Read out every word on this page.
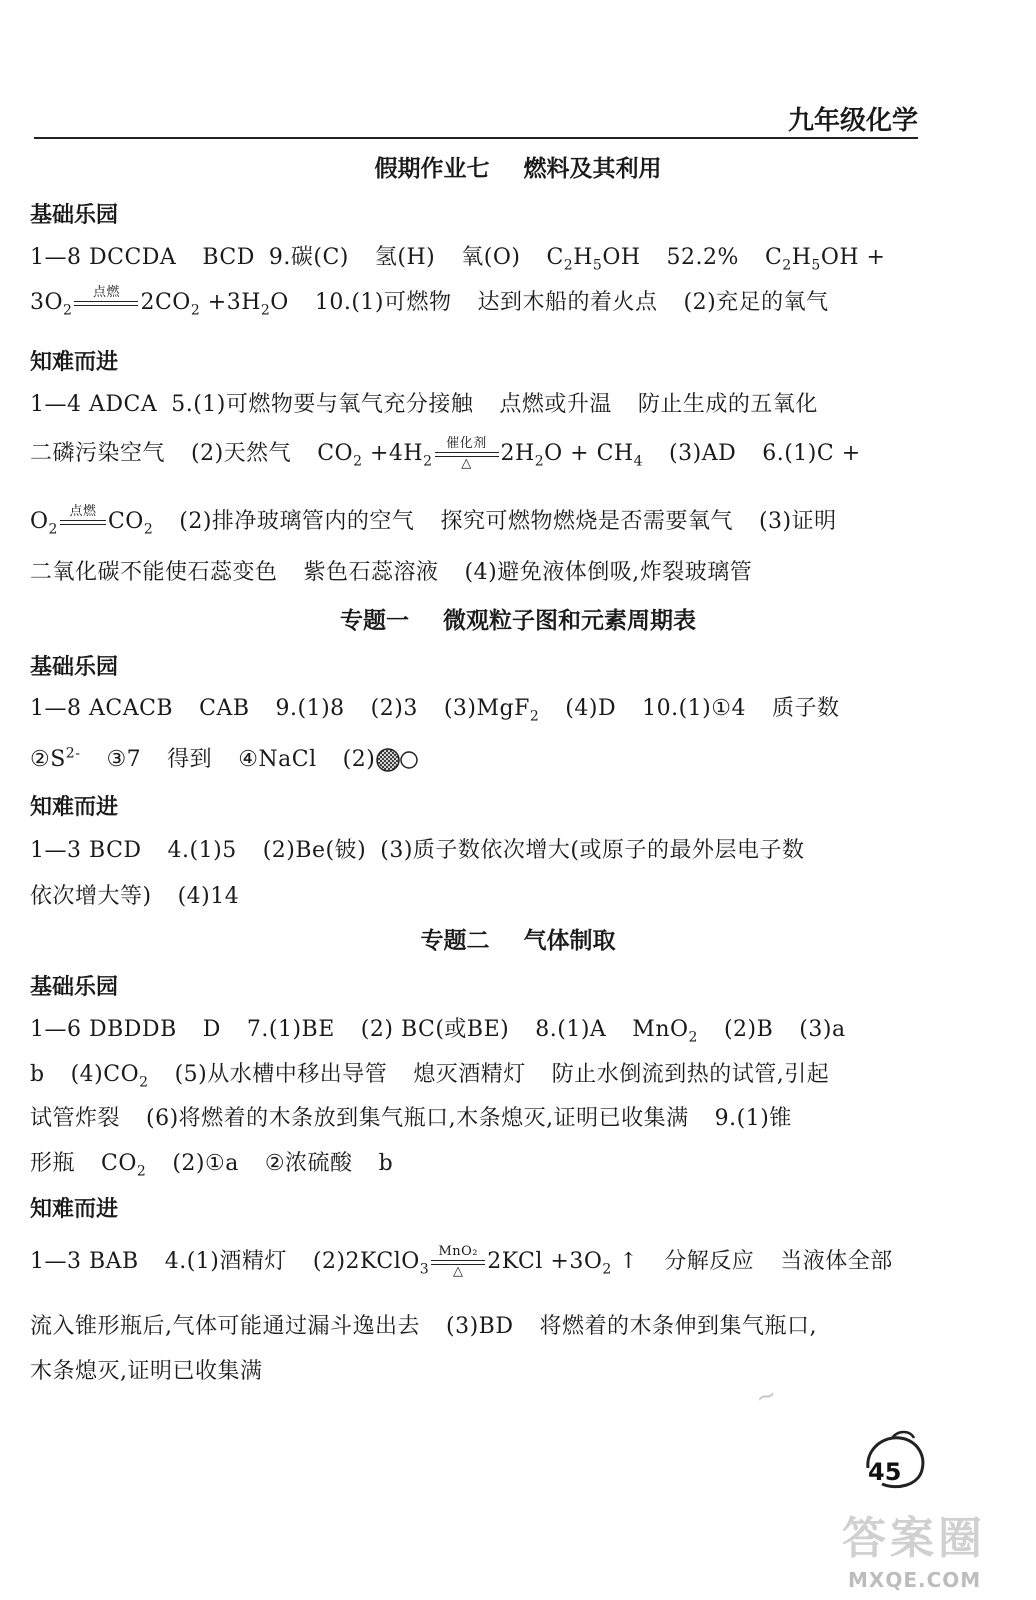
九年级化学
假期作业七 燃料及其利用
基础乐园
1—8 DCCDA BCD 9.碳(C) 氢(H) 氧(O) $C_2H_5OH$ 52.2% $C_2H_5OH$ +
$3O_2$
点燃 $2CO_2 +3H_2O$ 10.(1)可燃物 达到木船的着火点 (2)充足的氧气
知难而进
1—4 ADCA 5.(1)可燃物要与氧气充分接触 点燃或升温 防止生成的五氧化
二磷污染空气 (2)天然气 $CO_2 +4H_2$
催化剂
△ $2H_2O + CH_4$ (3)AD 6.(1)C +
$O_2$
点燃 $CO_2$ (2)排净玻璃管内的空气 探究可燃物燃烧是否需要氧气 (3)证明
二氧化碳不能使石蕊变色 紫色石蕊溶液 (4)避免液体倒吸,炸裂玻璃管
专题一 微观粒子图和元素周期表
基础乐园
1—8 ACACB CAB 9.(1)8 (2)3 (3)MgF$_2$ (4)D 10.(1)①4 质子数
$②S^{2-}$ ③7 得到 ④NaCl (2)
知难而进
1—3 BCD 4.(1)5 (2)Be(铍) (3)质子数依次增大(或原子的最外层电子数
依次增大等) (4)14
专题二 气体制取
基础乐园
1—6 DBDDB D 7.(1)BE (2) BC(或BE) 8.(1)A MnO$_2$ (2)B (3)a
b $(4)CO_2$ (5)从水槽中移出导管 熄灭酒精灯 防止水倒流到热的试管,引起
试管炸裂 (6)将燃着的木条放到集气瓶口,木条熄灭,证明已收集满 9.(1)锥
形瓶 $CO_2$ (2)①a ②浓硫酸 b
知难而进
1—3 BAB 4.(1)酒精灯 (2)2KClO$_3$
MnO₂
△ $2KCl +3O_2$ ↑ 分解反应 当液体全部
流入锥形瓶后,气体可能通过漏斗逸出去 (3)BD 将燃着的木条伸到集气瓶口,
木条熄灭,证明已收集满
~
45
答案圈
MXQE.COM
